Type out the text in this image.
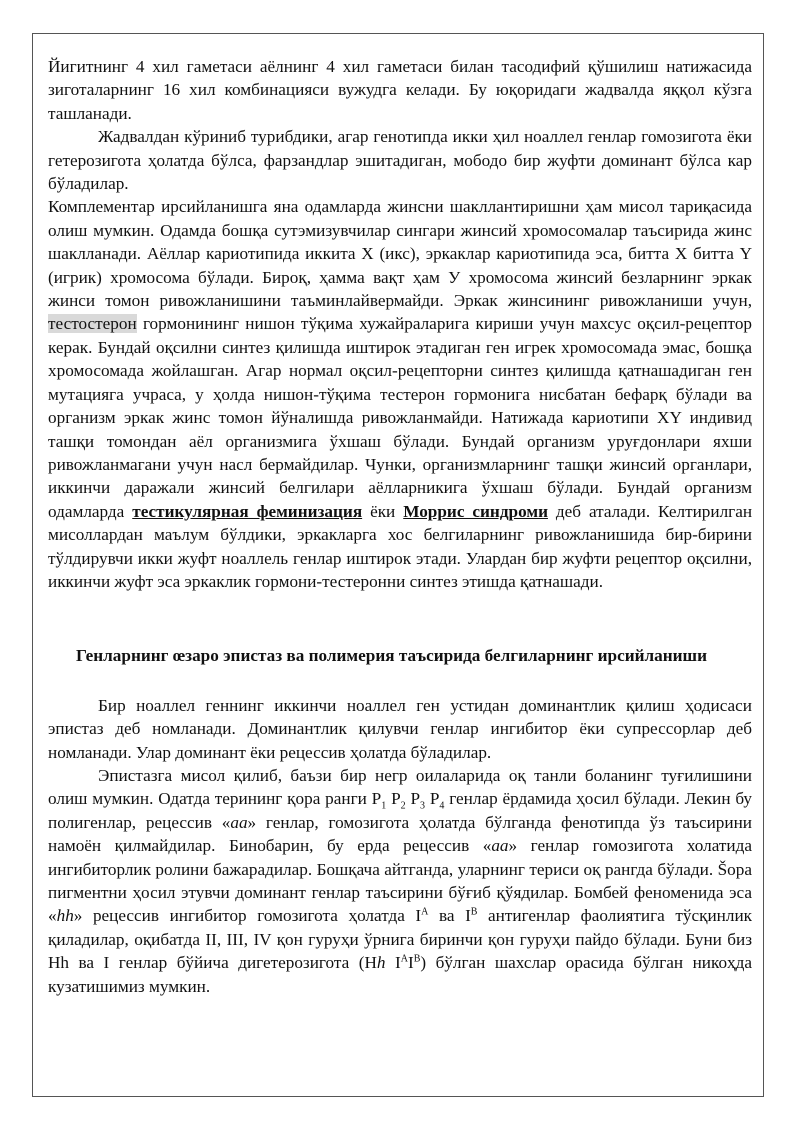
Йигитнинг 4 хил гаметаси аёлнинг 4 хил гаметаси билан тасодифий қўшилиш натижасида зиготаларнинг 16 хил комбинацияси вужудга келади. Бу юқоридаги жадвалда яққол кўзга ташланади.

Жадвалдан кўриниб турибдики, агар генотипда икки ҳил ноаллел генлар гомозигота ёки гетерозигота ҳолатда бўлса, фарзандлар эшитадиган, мободо бир жуфти доминант бўлса кар бўладилар.

Комплементар ирсийланишга яна одамларда жинсни шакллантиришни ҳам мисол тариқасида олиш мумкин. Одамда бошқа сутэмизувчилар сингари жинсий хромосомалар таъсирида жинс шаклланади. Аёллар кариотипида иккита X (икс), эркаклар кариотипида эса, битта X битта Y (игрик) хромосома бўлади. Бироқ, ҳамма вақт ҳам У хромосома жинсий безларнинг эркак жинси томон ривожланишини таъминлайвермайди. Эркак жинсининг ривожланиши учун, тестостерон гормонининг нишон тўқима хужайраларига кириши учун махсус оқсил-рецептор керак. Бундай оқсилни синтез қилишда иштирок этадиган ген игрек хромосомада эмас, бошқа хромосомада жойлашган. Агар нормал оқсил-рецепторни синтез қилишда қатнашадиган ген мутацияга учраса, у ҳолда нишон-тўқима тестерон гормонига нисбатан бефарқ бўлади ва организм эркак жинс томон йўналишда ривожланмайди. Натижада кариотипи XY индивид ташқи томондан аёл организмига ўхшаш бўлади. Бундай организм уруғдонлари яхши ривожланмагани учун насл бермайдилар. Чунки, организмларнинг ташқи жинсий органлари, иккинчи даражали жинсий белгилари аёлларникига ўхшаш бўлади. Бундай организм одамларда тестикулярная феминизация ёки Моррис синдроми деб аталади. Келтирилган мисоллардан маълум бўлдики, эркакларга хос белгиларнинг ривожланишида бир-бирини тўлдирувчи икки жуфт ноаллель генлар иштирок этади. Улардан бир жуфти рецептор оқсилни, иккинчи жуфт эса эркаклик гормони-тестеронни синтез этишда қатнашади.

Генларнинг œзаро эпистаз ва полимерия таъсирида белгиларнинг ирсийланиши

Бир ноаллел геннинг иккинчи ноаллел ген устидан доминантлик қилиш ҳодисаси эпистаз деб номланади. Доминантлик қилувчи генлар ингибитор ёки супрессорлар деб номланади. Улар доминант ёки рецессив ҳолатда бўладилар.

Эпистазга мисол қилиб, баъзи бир негр оилаларида оқ танли боланинг туғилишини олиш мумкин. Одатда терининг қора ранги $P_1$ $P_2$ $P_3$ $P_4$ генлар ёрдамида ҳосил бўлади. Лекин бу полигенлар, рецессив «аа» генлар, гомозигота ҳолатда бўлганда фенотипда ўз таъсирини намоён қилмайдилар. Бинобарин, бу ерда рецессив «аа» генлар гомозигота холатида ингибиторлик ролини бажарадилар. Бошқача айтганда, уларнинг териси оқ рангда бўлади. Šора пигментни ҳосил этувчи доминант генлар таъсирини бўғиб қўядилар. Бомбей феноменида эса «hh» рецессив ингибитор гомозигота ҳолатда $I^A$ ва $I^B$ антигенлар фаолиятига тўсқинлик қиладилар, оқибатда II, III, IV қон гуруҳи ўрнига биринчи қон гуруҳи пайдо бўлади. Буни биз Hh ва I генлар бўйича дигетерозигота (Hh $I^AI^B$) бўлган шахслар орасида бўлган никоҳда кузатишимиз мумкин.
